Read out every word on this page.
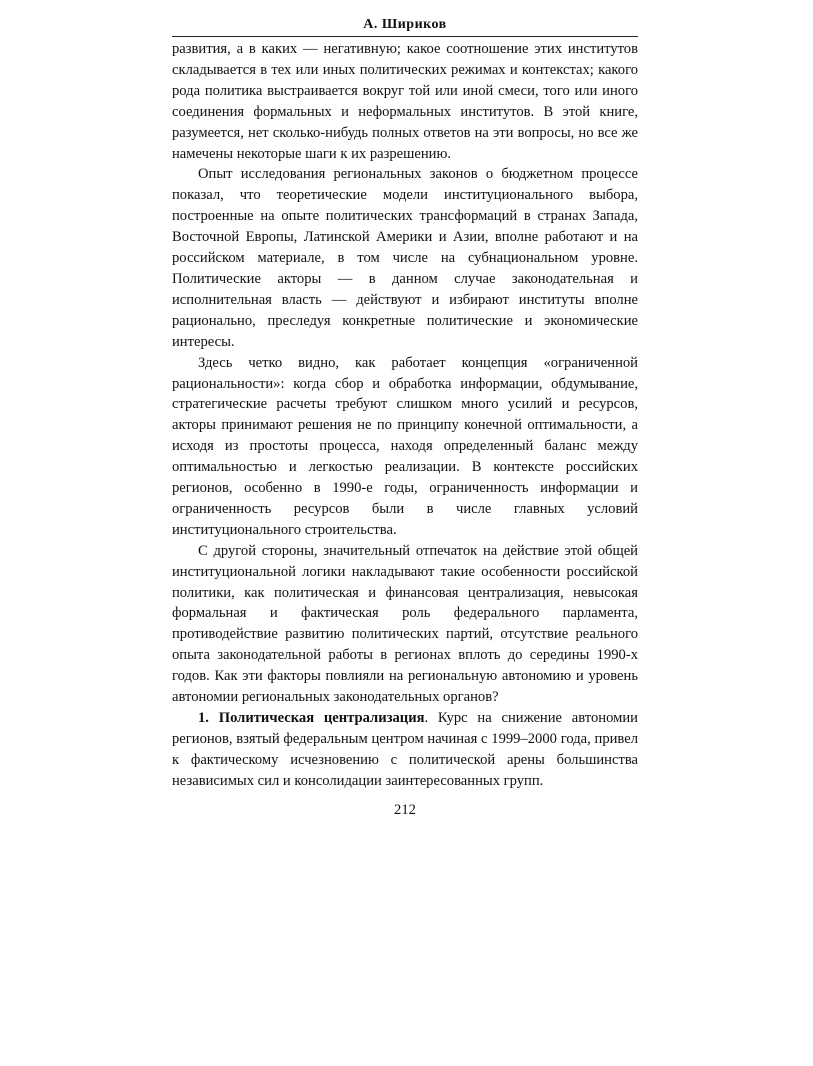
А. Шириков

развития, а в каких — негативную; какое соотношение этих институтов складывается в тех или иных политических режимах и контекстах; какого рода политика выстраивается вокруг той или иной смеси, того или иного соединения формальных и неформальных институтов. В этой книге, разумеется, нет сколько-нибудь полных ответов на эти вопросы, но все же намечены некоторые шаги к их разрешению.

Опыт исследования региональных законов о бюджетном процессе показал, что теоретические модели институционального выбора, построенные на опыте политических трансформаций в странах Запада, Восточной Европы, Латинской Америки и Азии, вполне работают и на российском материале, в том числе на субнациональном уровне. Политические акторы — в данном случае законодательная и исполнительная власть — действуют и избирают институты вполне рационально, преследуя конкретные политические и экономические интересы.

Здесь четко видно, как работает концепция «ограниченной рациональности»: когда сбор и обработка информации, обдумывание, стратегические расчеты требуют слишком много усилий и ресурсов, акторы принимают решения не по принципу конечной оптимальности, а исходя из простоты процесса, находя определенный баланс между оптимальностью и легкостью реализации. В контексте российских регионов, особенно в 1990-е годы, ограниченность информации и ограниченность ресурсов были в числе главных условий институционального строительства.

С другой стороны, значительный отпечаток на действие этой общей институциональной логики накладывают такие особенности российской политики, как политическая и финансовая централизация, невысокая формальная и фактическая роль федерального парламента, противодействие развитию политических партий, отсутствие реального опыта законодательной работы в регионах вплоть до середины 1990-х годов. Как эти факторы повлияли на региональную автономию и уровень автономии региональных законодательных органов?

1. Политическая централизация. Курс на снижение автономии регионов, взятый федеральным центром начиная с 1999–2000 года, привел к фактическому исчезновению с политической арены большинства независимых сил и консолидации заинтересованных групп.

212
